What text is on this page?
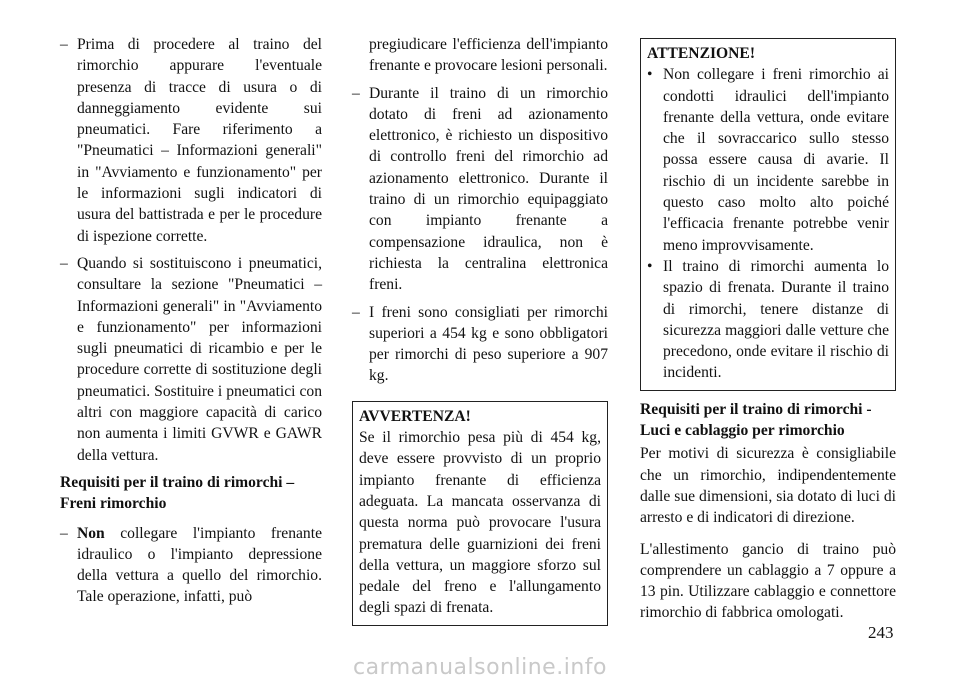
– Prima di procedere al traino del rimorchio appurare l'eventuale presenza di tracce di usura o di danneggiamento evidente sui pneumatici. Fare riferimento a "Pneumatici – Informazioni generali" in "Avviamento e funzionamento" per le informazioni sugli indicatori di usura del battistrada e per le procedure di ispezione corrette.

– Quando si sostituiscono i pneumatici, consultare la sezione "Pneumatici – Informazioni generali" in "Avviamento e funzionamento" per informazioni sugli pneumatici di ricambio e per le procedure corrette di sostituzione degli pneumatici. Sostituire i pneumatici con altri con maggiore capacità di carico non aumenta i limiti GVWR e GAWR della vettura.

Requisiti per il traino di rimorchi – Freni rimorchio

– Non collegare l'impianto frenante idraulico o l'impianto depressione della vettura a quello del rimorchio. Tale operazione, infatti, può

pregiudicare l'efficienza dell'impianto frenante e provocare lesioni personali.

– Durante il traino di un rimorchio dotato di freni ad azionamento elettronico, è richiesto un dispositivo di controllo freni del rimorchio ad azionamento elettronico. Durante il traino di un rimorchio equipaggiato con impianto frenante a compensazione idraulica, non è richiesta la centralina elettronica freni.

– I freni sono consigliati per rimorchi superiori a 454 kg e sono obbligatori per rimorchi di peso superiore a 907 kg.

AVVERTENZA!

Se il rimorchio pesa più di 454 kg, deve essere provvisto di un proprio impianto frenante di efficienza adeguata. La mancata osservanza di questa norma può provocare l'usura prematura delle guarnizioni dei freni della vettura, un maggiore sforzo sul pedale del freno e l'allungamento degli spazi di frenata.

ATTENZIONE!

• Non collegare i freni rimorchio ai condotti idraulici dell'impianto frenante della vettura, onde evitare che il sovraccarico sullo stesso possa essere causa di avarie. Il rischio di un incidente sarebbe in questo caso molto alto poiché l'efficacia frenante potrebbe venir meno improvvisamente.

• Il traino di rimorchi aumenta lo spazio di frenata. Durante il traino di rimorchi, tenere distanze di sicurezza maggiori dalle vetture che precedono, onde evitare il rischio di incidenti.

Requisiti per il traino di rimorchi - Luci e cablaggio per rimorchio

Per motivi di sicurezza è consigliabile che un rimorchio, indipendentemente dalle sue dimensioni, sia dotato di luci di arresto e di indicatori di direzione.

L'allestimento gancio di traino può comprendere un cablaggio a 7 oppure a 13 pin. Utilizzare cablaggio e connettore rimorchio di fabbrica omologati.

243
carmanualsonline.info
